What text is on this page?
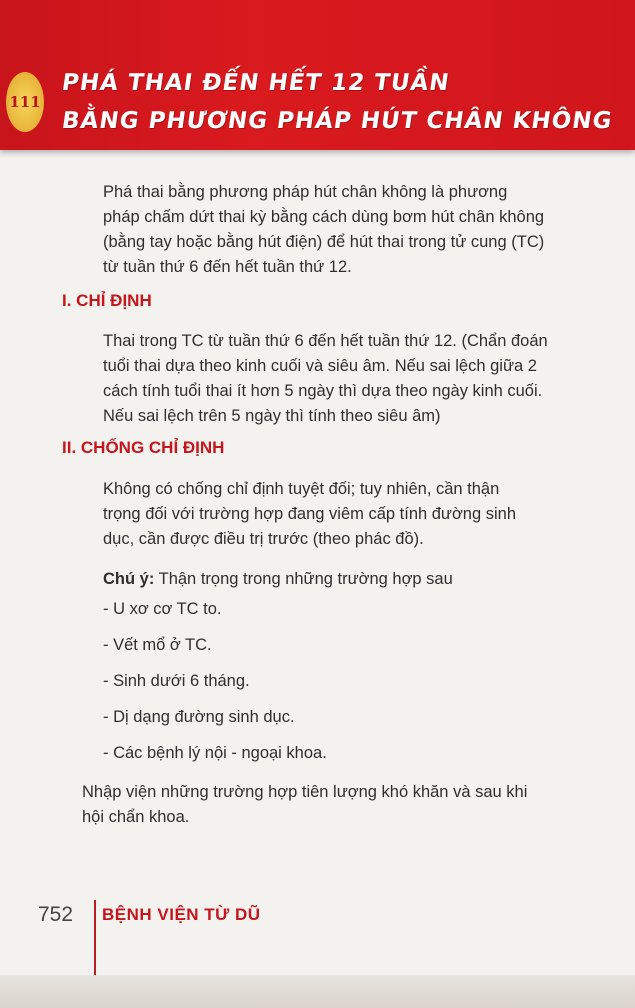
111
PHÁ THAI ĐẾN HẾT 12 TUẦN
BẰNG PHƯƠNG PHÁP HÚT CHÂN KHÔNG
Phá thai bằng phương pháp hút chân không là phương
pháp chấm dứt thai kỳ bằng cách dùng bơm hút chân không
(bằng tay hoặc bằng hút điện) để hút thai trong tử cung (TC)
từ tuần thứ 6 đến hết tuần thứ 12.
I. CHỈ ĐỊNH
Thai trong TC từ tuần thứ 6 đến hết tuần thứ 12. (Chẩn đoán
tuổi thai dựa theo kinh cuối và siêu âm. Nếu sai lệch giữa 2
cách tính tuổi thai ít hơn 5 ngày thì dựa theo ngày kinh cuối.
Nếu sai lệch trên 5 ngày thì tính theo siêu âm)
II. CHỐNG CHỈ ĐỊNH
Không có chống chỉ định tuyệt đối; tuy nhiên, cần thận
trọng đối với trường hợp đang viêm cấp tính đường sinh
dục, cần được điều trị trước (theo phác đồ).
Chú ý: Thận trọng trong những trường hợp sau
- U xơ cơ TC to.
- Vết mổ ở TC.
- Sinh dưới 6 tháng.
- Dị dạng đường sinh dục.
- Các bệnh lý nội - ngoại khoa.
Nhập viện những trường hợp tiên lượng khó khăn và sau khi
hội chẩn khoa.
752 BỆNH VIỆN TỪ DŨ
